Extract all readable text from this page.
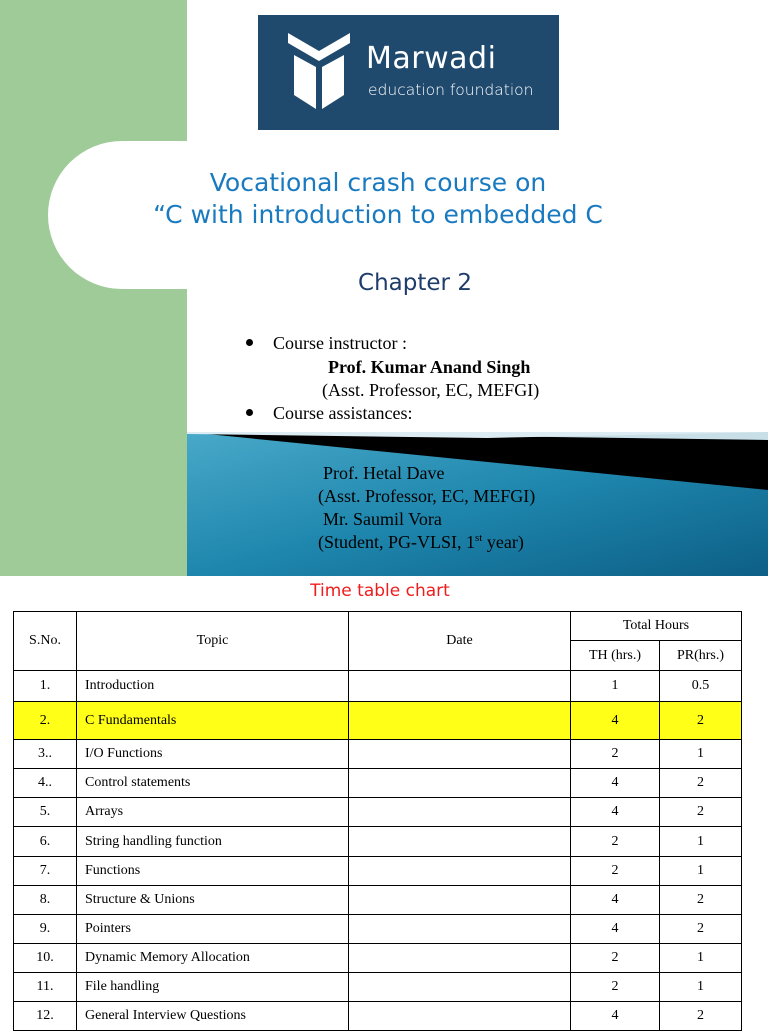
Marwadi
education foundation
Vocational crash course on
“C with introduction to embedded C
Chapter 2
Course instructor :
Prof. Kumar Anand Singh
(Asst. Professor, EC, MEFGI)
Course assistances:
Prof. Hetal Dave
(Asst. Professor, EC, MEFGI)
Mr. Saumil Vora
(Student, PG-VLSI, 1st year)
Time table chart
S.No.	Topic	Date	Total Hours	
			TH (hrs.)	PR(hrs.)
1.	Introduction		1	0.5
2.	C Fundamentals		4	2
3..	I/O Functions		2	1
4..	Control statements		4	2
5.	Arrays		4	2
6.	String handling function		2	1
7.	Functions		2	1
8.	Structure & Unions		4	2
9.	Pointers		4	2
10.	Dynamic Memory Allocation		2	1
11.	File handling		2	1
12.	General Interview Questions		4	2
